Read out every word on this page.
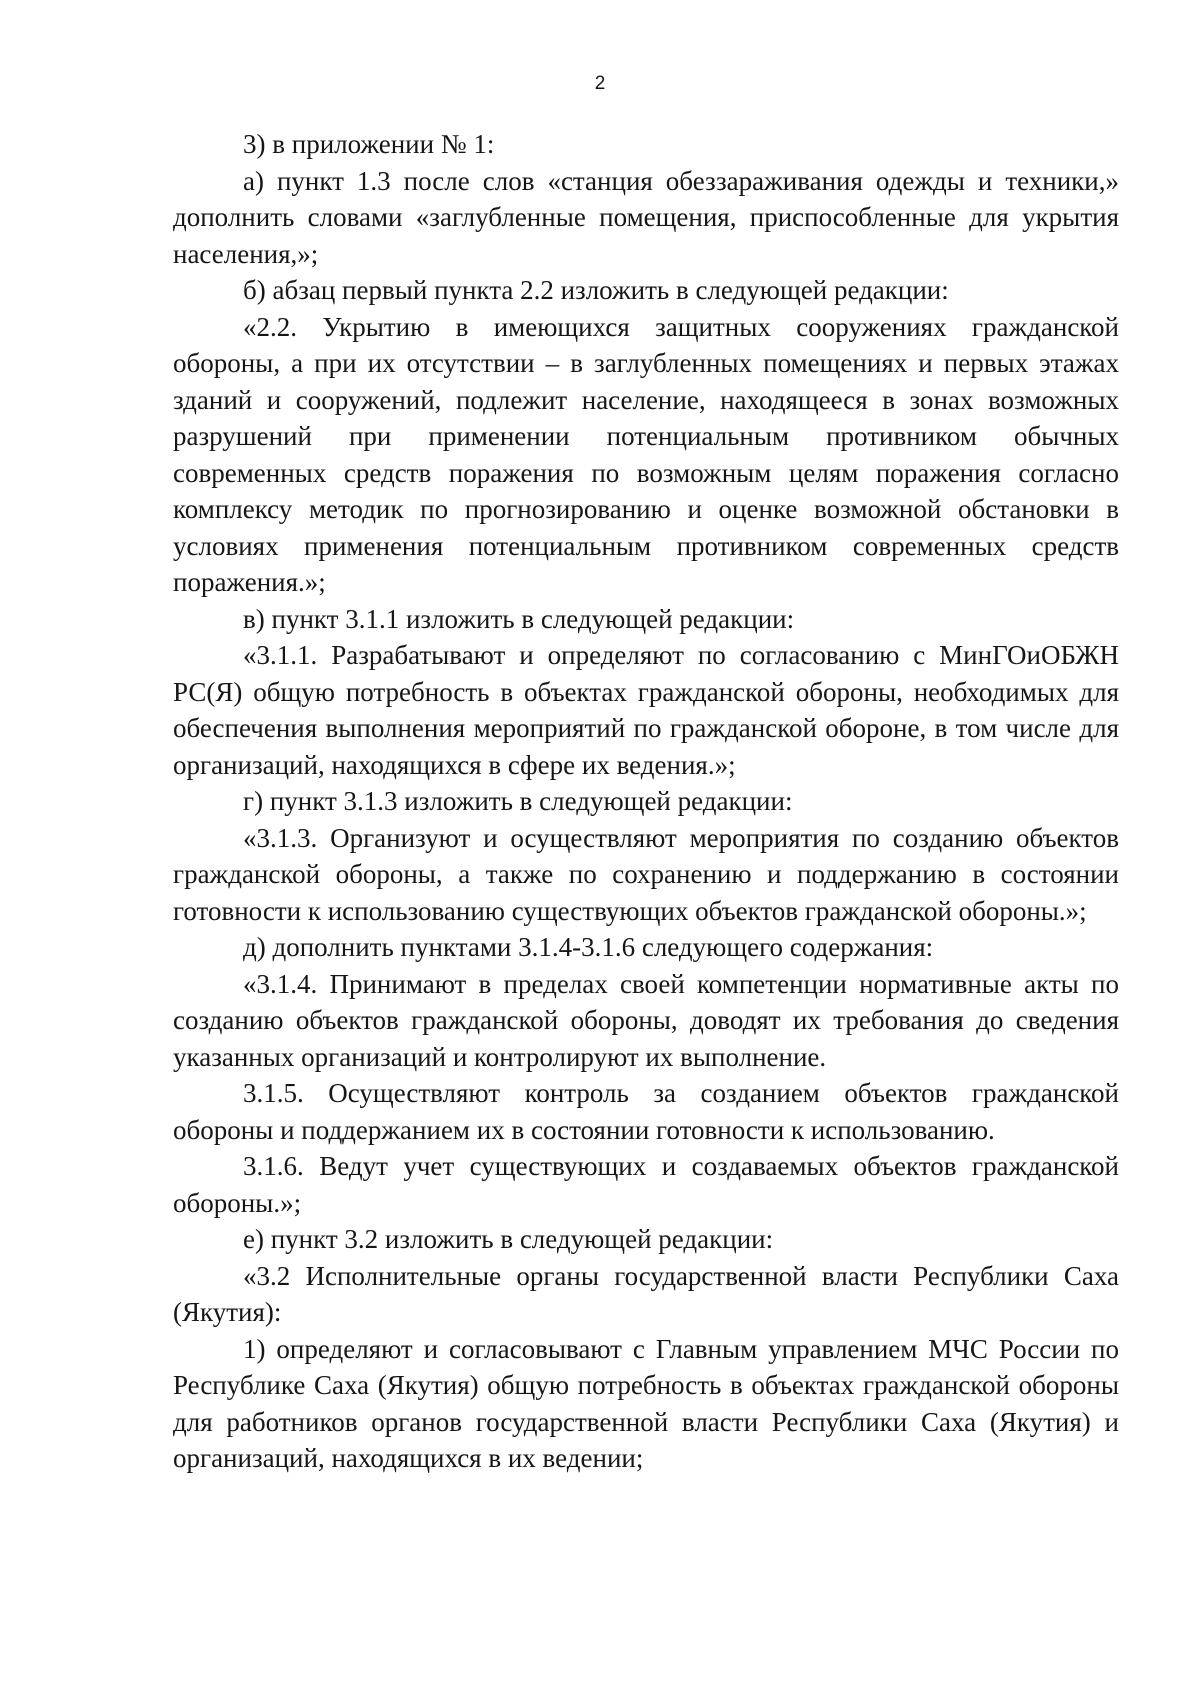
2

3) в приложении № 1:

а) пункт 1.3 после слов «станция обеззараживания одежды и техники,» дополнить словами «заглубленные помещения, приспособленные для укрытия населения,»;

б) абзац первый пункта 2.2 изложить в следующей редакции:

«2.2. Укрытию в имеющихся защитных сооружениях гражданской обороны, а при их отсутствии – в заглубленных помещениях и первых этажах зданий и сооружений, подлежит население, находящееся в зонах возможных разрушений при применении потенциальным противником обычных современных средств поражения по возможным целям поражения согласно комплексу методик по прогнозированию и оценке возможной обстановки в условиях применения потенциальным противником современных средств поражения.»;

в) пункт 3.1.1 изложить в следующей редакции:

«3.1.1. Разрабатывают и определяют по согласованию с МинГОиОБЖН РС(Я) общую потребность в объектах гражданской обороны, необходимых для обеспечения выполнения мероприятий по гражданской обороне, в том числе для организаций, находящихся в сфере их ведения.»;

г) пункт 3.1.3 изложить в следующей редакции:

«3.1.3. Организуют и осуществляют мероприятия по созданию объектов гражданской обороны, а также по сохранению и поддержанию в состоянии готовности к использованию существующих объектов гражданской обороны.»;

д) дополнить пунктами 3.1.4-3.1.6 следующего содержания:

«3.1.4. Принимают в пределах своей компетенции нормативные акты по созданию объектов гражданской обороны, доводят их требования до сведения указанных организаций и контролируют их выполнение.

3.1.5. Осуществляют контроль за созданием объектов гражданской обороны и поддержанием их в состоянии готовности к использованию.

3.1.6. Ведут учет существующих и создаваемых объектов гражданской обороны.»;

е) пункт 3.2 изложить в следующей редакции:

«3.2 Исполнительные органы государственной власти Республики Саха (Якутия):

1) определяют и согласовывают с Главным управлением МЧС России по Республике Саха (Якутия) общую потребность в объектах гражданской обороны для работников органов государственной власти Республики Саха (Якутия) и организаций, находящихся в их ведении;
